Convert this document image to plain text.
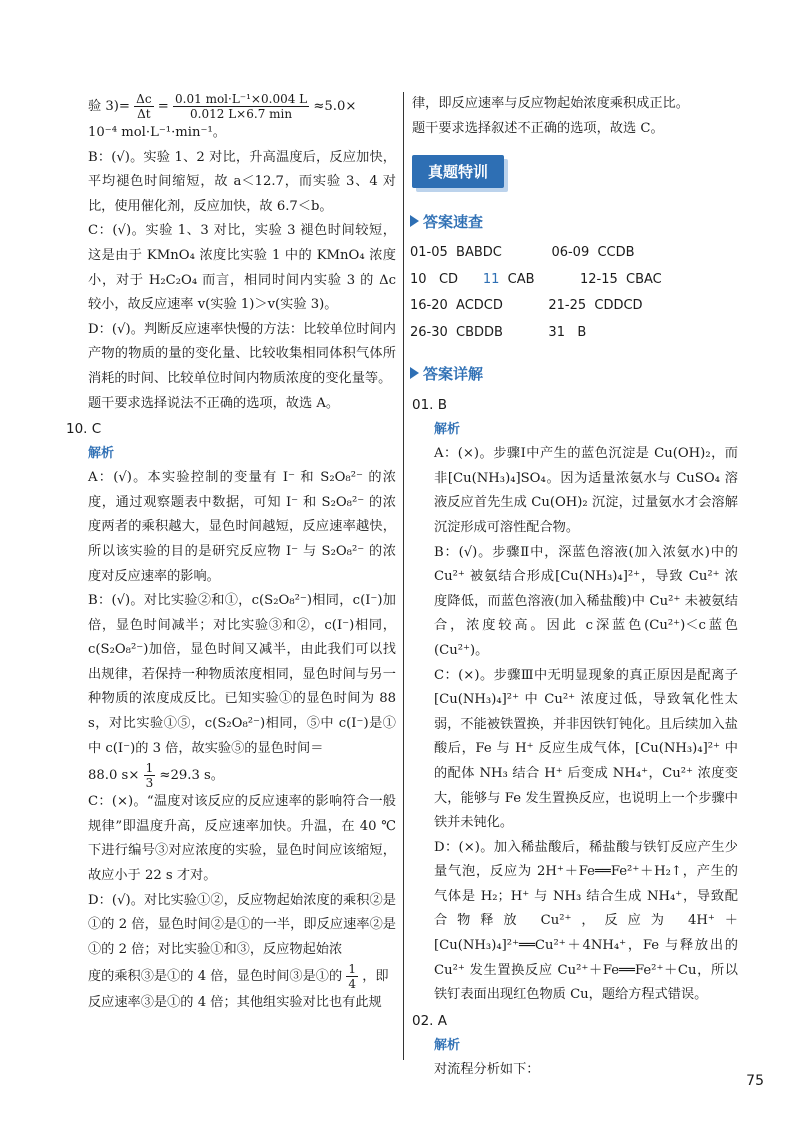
验 $3)= \frac{\Delta c}{\Delta t} = \frac{\text{0.01 mol·L⁻¹×0.004 L}}{0.012 L\times 6.7 \min} \approx 5.0\times$

10⁻⁴ mol·L⁻¹·min⁻¹。

B：(√)。实验 1、2 对比，升高温度后，反应加快，平均褪色时间缩短，故 a＜12.7，而实验 3、4 对比，使用催化剂，反应加快，故 6.7＜b。

C：(√)。实验 1、3 对比，实验 3 褪色时间较短，这是由于 KMnO₄ 浓度比实验 1 中的 KMnO₄ 浓度小，对于 H₂C₂O₄ 而言，相同时间内实验 3 的 Δc 较小，故反应速率 v(实验 1)＞v(实验 3)。

D：(√)。判断反应速率快慢的方法：比较单位时间内产物的物质的量的变化量、比较收集相同体积气体所消耗的时间、比较单位时间内物质浓度的变化量等。

题干要求选择说法不正确的选项，故选 A。

10. C
解析

A：(√)。本实验控制的变量有 I⁻ 和 S₂O₈²⁻ 的浓度，通过观察题表中数据，可知 I⁻ 和 S₂O₈²⁻ 的浓度两者的乘积越大，显色时间越短，反应速率越快，所以该实验的目的是研究反应物 I⁻ 与 S₂O₈²⁻ 的浓度对反应速率的影响。

B：(√)。对比实验②和①，c(S₂O₈²⁻)相同，c(I⁻)加倍，显色时间减半；对比实验③和②，c(I⁻)相同，c(S₂O₈²⁻)加倍，显色时间又减半，由此我们可以找出规律，若保持一种物质浓度相同，显色时间与另一种物质的浓度成反比。已知实验①的显色时间为 88 s，对比实验①⑤，c(S₂O₈²⁻)相同，⑤中 c(I⁻)是①中 c(I⁻)的 3 倍，故实验⑤的显色时间＝

88.0 $s\times \frac{1}{3} \approx 29.3$ s。

C：(×)。“温度对该反应的反应速率的影响符合一般规律”即温度升高，反应速率加快。升温，在 40 ℃下进行编号③对应浓度的实验，显色时间应该缩短，故应小于 22 s 才对。

D：(√)。对比实验①②，反应物起始浓度的乘积②是①的 2 倍，显色时间②是①的一半，即反应速率②是①的 2 倍；对比实验①和③，反应物起始浓

度的乘积③是①的 4 倍，显色时间③是①的 $\frac{1}{4}$ ，即

反应速率③是①的 4 倍；其他组实验对比也有此规

律，即反应速率与反应物起始浓度乘积成正比。

题干要求选择叙述不正确的选项，故选 C。

真题特训
答案速查
01-05  BABDC            06-09  CCDB
10   CD      11  CAB           12-15  CBAC
16-20  ACDCD           21-25  CDDCD
26-30  CBDDB           31   B
答案详解
01. B
解析

A：(×)。步骤Ⅰ中产生的蓝色沉淀是 Cu(OH)₂，而非[Cu(NH₃)₄]SO₄。因为适量浓氨水与 CuSO₄ 溶液反应首先生成 Cu(OH)₂ 沉淀，过量氨水才会溶解沉淀形成可溶性配合物。

B：(√)。步骤Ⅱ中，深蓝色溶液(加入浓氨水)中的 Cu²⁺ 被氨结合形成[Cu(NH₃)₄]²⁺，导致 Cu²⁺ 浓度降低，而蓝色溶液(加入稀盐酸)中 Cu²⁺ 未被氨结合，浓度较高。因此 c深蓝色(Cu²⁺)＜c蓝色(Cu²⁺)。

C：(×)。步骤Ⅲ中无明显现象的真正原因是配离子[Cu(NH₃)₄]²⁺ 中 Cu²⁺ 浓度过低，导致氧化性太弱，不能被铁置换，并非因铁钉钝化。且后续加入盐酸后，Fe 与 H⁺ 反应生成气体，[Cu(NH₃)₄]²⁺ 中的配体 NH₃ 结合 H⁺ 后变成 NH₄⁺，Cu²⁺ 浓度变大，能够与 Fe 发生置换反应，也说明上一个步骤中铁并未钝化。

D：(×)。加入稀盐酸后，稀盐酸与铁钉反应产生少量气泡，反应为 2H⁺＋Fe══Fe²⁺＋H₂↑，产生的气体是 H₂；H⁺ 与 NH₃ 结合生成 NH₄⁺，导致配合物释放 Cu²⁺，反应为 4H⁺＋[Cu(NH₃)₄]²⁺══Cu²⁺＋4NH₄⁺，Fe 与释放出的 Cu²⁺ 发生置换反应 Cu²⁺＋Fe══Fe²⁺＋Cu，所以铁钉表面出现红色物质 Cu，题给方程式错误。

02. A
解析

对流程分析如下：

75
